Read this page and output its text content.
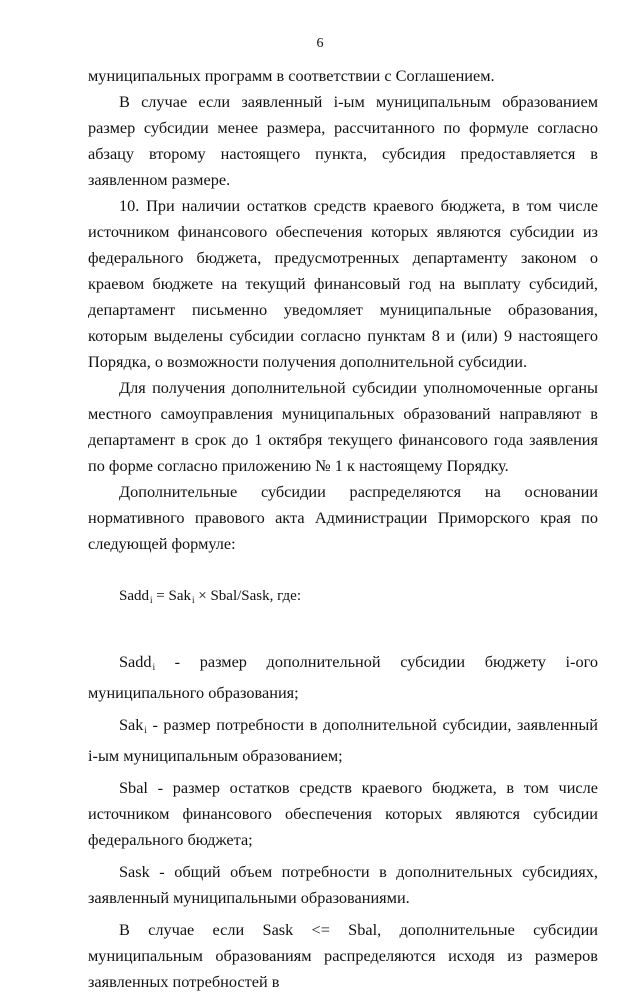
6

муниципальных программ в соответствии с Соглашением.

В случае если заявленный i-ым муниципальным образованием размер субсидии менее размера, рассчитанного по формуле согласно абзацу второму настоящего пункта, субсидия предоставляется в заявленном размере.

10. При наличии остатков средств краевого бюджета, в том числе источником финансового обеспечения которых являются субсидии из федерального бюджета, предусмотренных департаменту законом о краевом бюджете на текущий финансовый год на выплату субсидий, департамент письменно уведомляет муниципальные образования, которым выделены субсидии согласно пунктам 8 и (или) 9 настоящего Порядка, о возможности получения дополнительной субсидии.

Для получения дополнительной субсидии уполномоченные органы местного самоуправления муниципальных образований направляют в департамент в срок до 1 октября текущего финансового года заявления по форме согласно приложению № 1 к настоящему Порядку.

Дополнительные субсидии распределяются на основании нормативного правового акта Администрации Приморского края по следующей формуле:

Sadd$_i$ = Sak$_i$ × Sbal/Sask, где:

Saddi - размер дополнительной субсидии бюджету i-ого муниципального образования;

Saki - размер потребности в дополнительной субсидии, заявленный i-ым муниципальным образованием;

Sbal - размер остатков средств краевого бюджета, в том числе источником финансового обеспечения которых являются субсидии федерального бюджета;

Sask - общий объем потребности в дополнительных субсидиях, заявленный муниципальными образованиями.

В случае если Sask <= Sbal, дополнительные субсидии муниципальным образованиям распределяются исходя из размеров заявленных потребностей в
